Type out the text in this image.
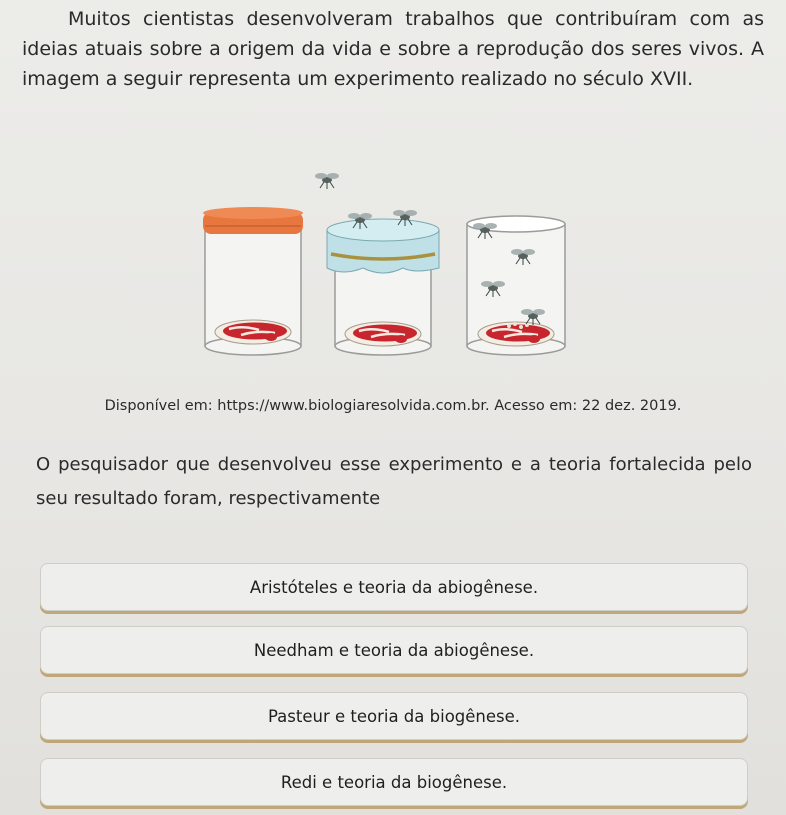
Muitos cientistas desenvolveram trabalhos que contribuíram com as ideias atuais sobre a origem da vida e sobre a reprodução dos seres vivos. A imagem a seguir representa um experimento realizado no século XVII.

Disponível em: https://www.biologiaresolvida.com.br. Acesso em: 22 dez. 2019.

O pesquisador que desenvolveu esse experimento e a teoria fortalecida pelo seu resultado foram, respectivamente

Aristóteles e teoria da abiogênese.
Needham e teoria da abiogênese.
Pasteur e teoria da biogênese.
Redi e teoria da biogênese.
